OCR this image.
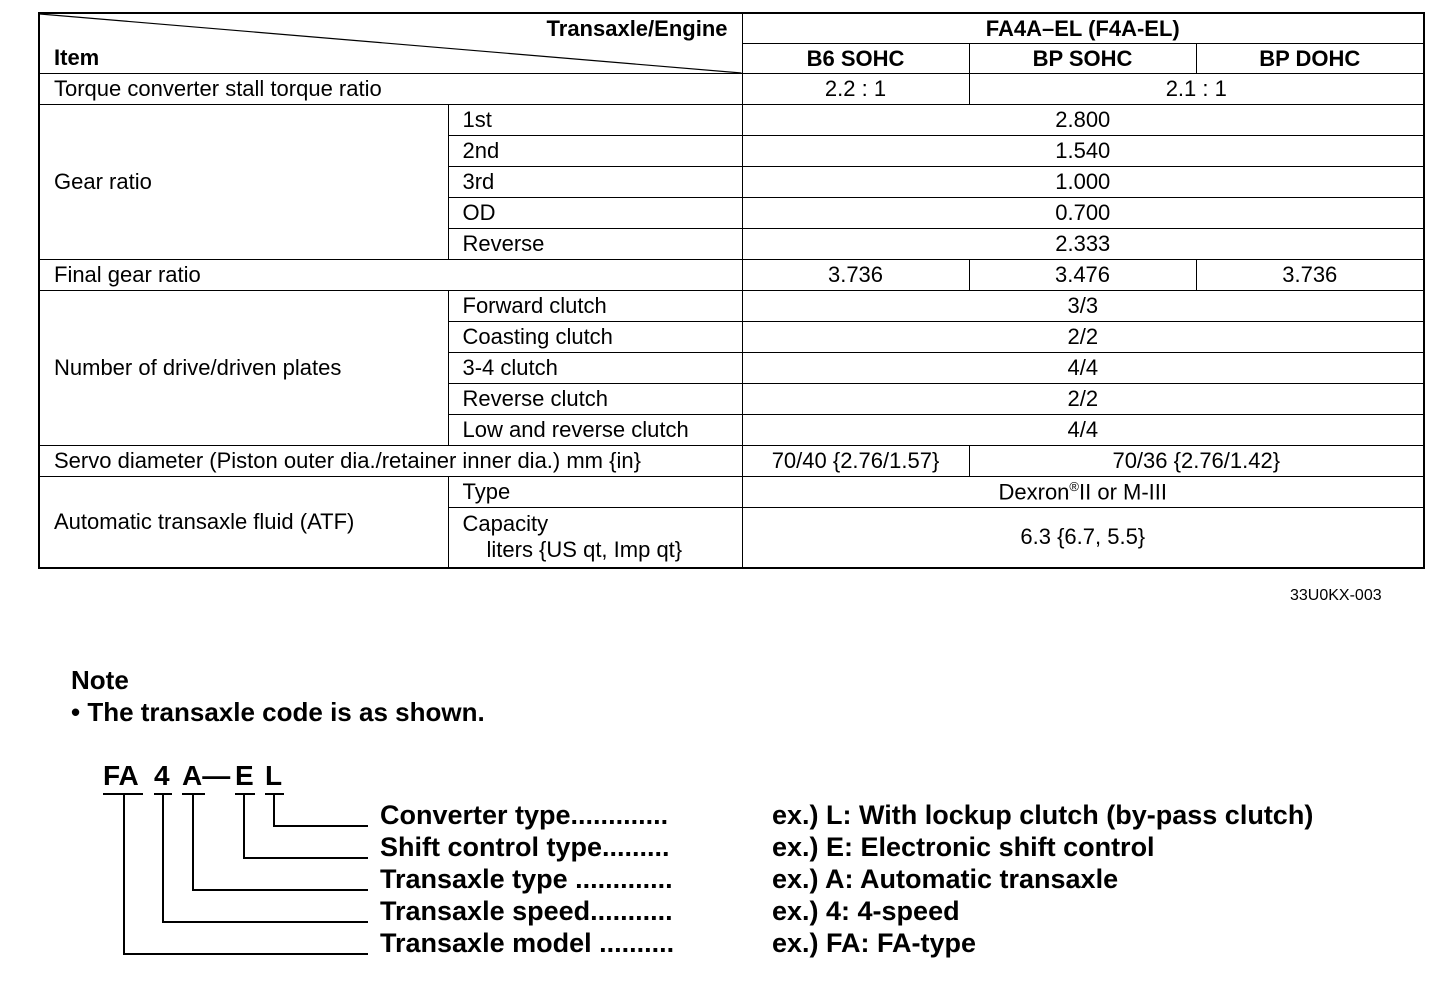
Transaxle/Engine
Item		FA4A–EL (F4A-EL)		
		B6 SOHC	BP SOHC	BP DOHC
Torque converter stall torque ratio		2.2 : 1	2.1 : 1	
Gear ratio	1st	2.800		
	2nd	1.540		
	3rd	1.000		
	OD	0.700		
	Reverse	2.333		
Final gear ratio		3.736	3.476	3.736
Number of drive/driven plates	Forward clutch	3/3		
	Coasting clutch	2/2		
	3-4 clutch	4/4		
	Reverse clutch	2/2		
	Low and reverse clutch	4/4		
Servo diameter (Piston outer dia./retainer inner dia.) mm {in}		70/40 {2.76/1.57}	70/36 {2.76/1.42}	
Automatic transaxle fluid (ATF)	Type	Dexron®II or M-III		

	Capacity
liters {US qt, Imp qt}	6.3 {6.7, 5.5}		
33U0KX-003
Note
• The transaxle code is as shown.
FA 4 A— E L
Converter type.............	ex.) L: With lockup clutch (by-pass clutch)
Shift control type.........	ex.) E: Electronic shift control
Transaxle type .............	ex.) A: Automatic transaxle
Transaxle speed...........	ex.) 4: 4-speed
Transaxle model ..........	ex.) FA: FA-type
